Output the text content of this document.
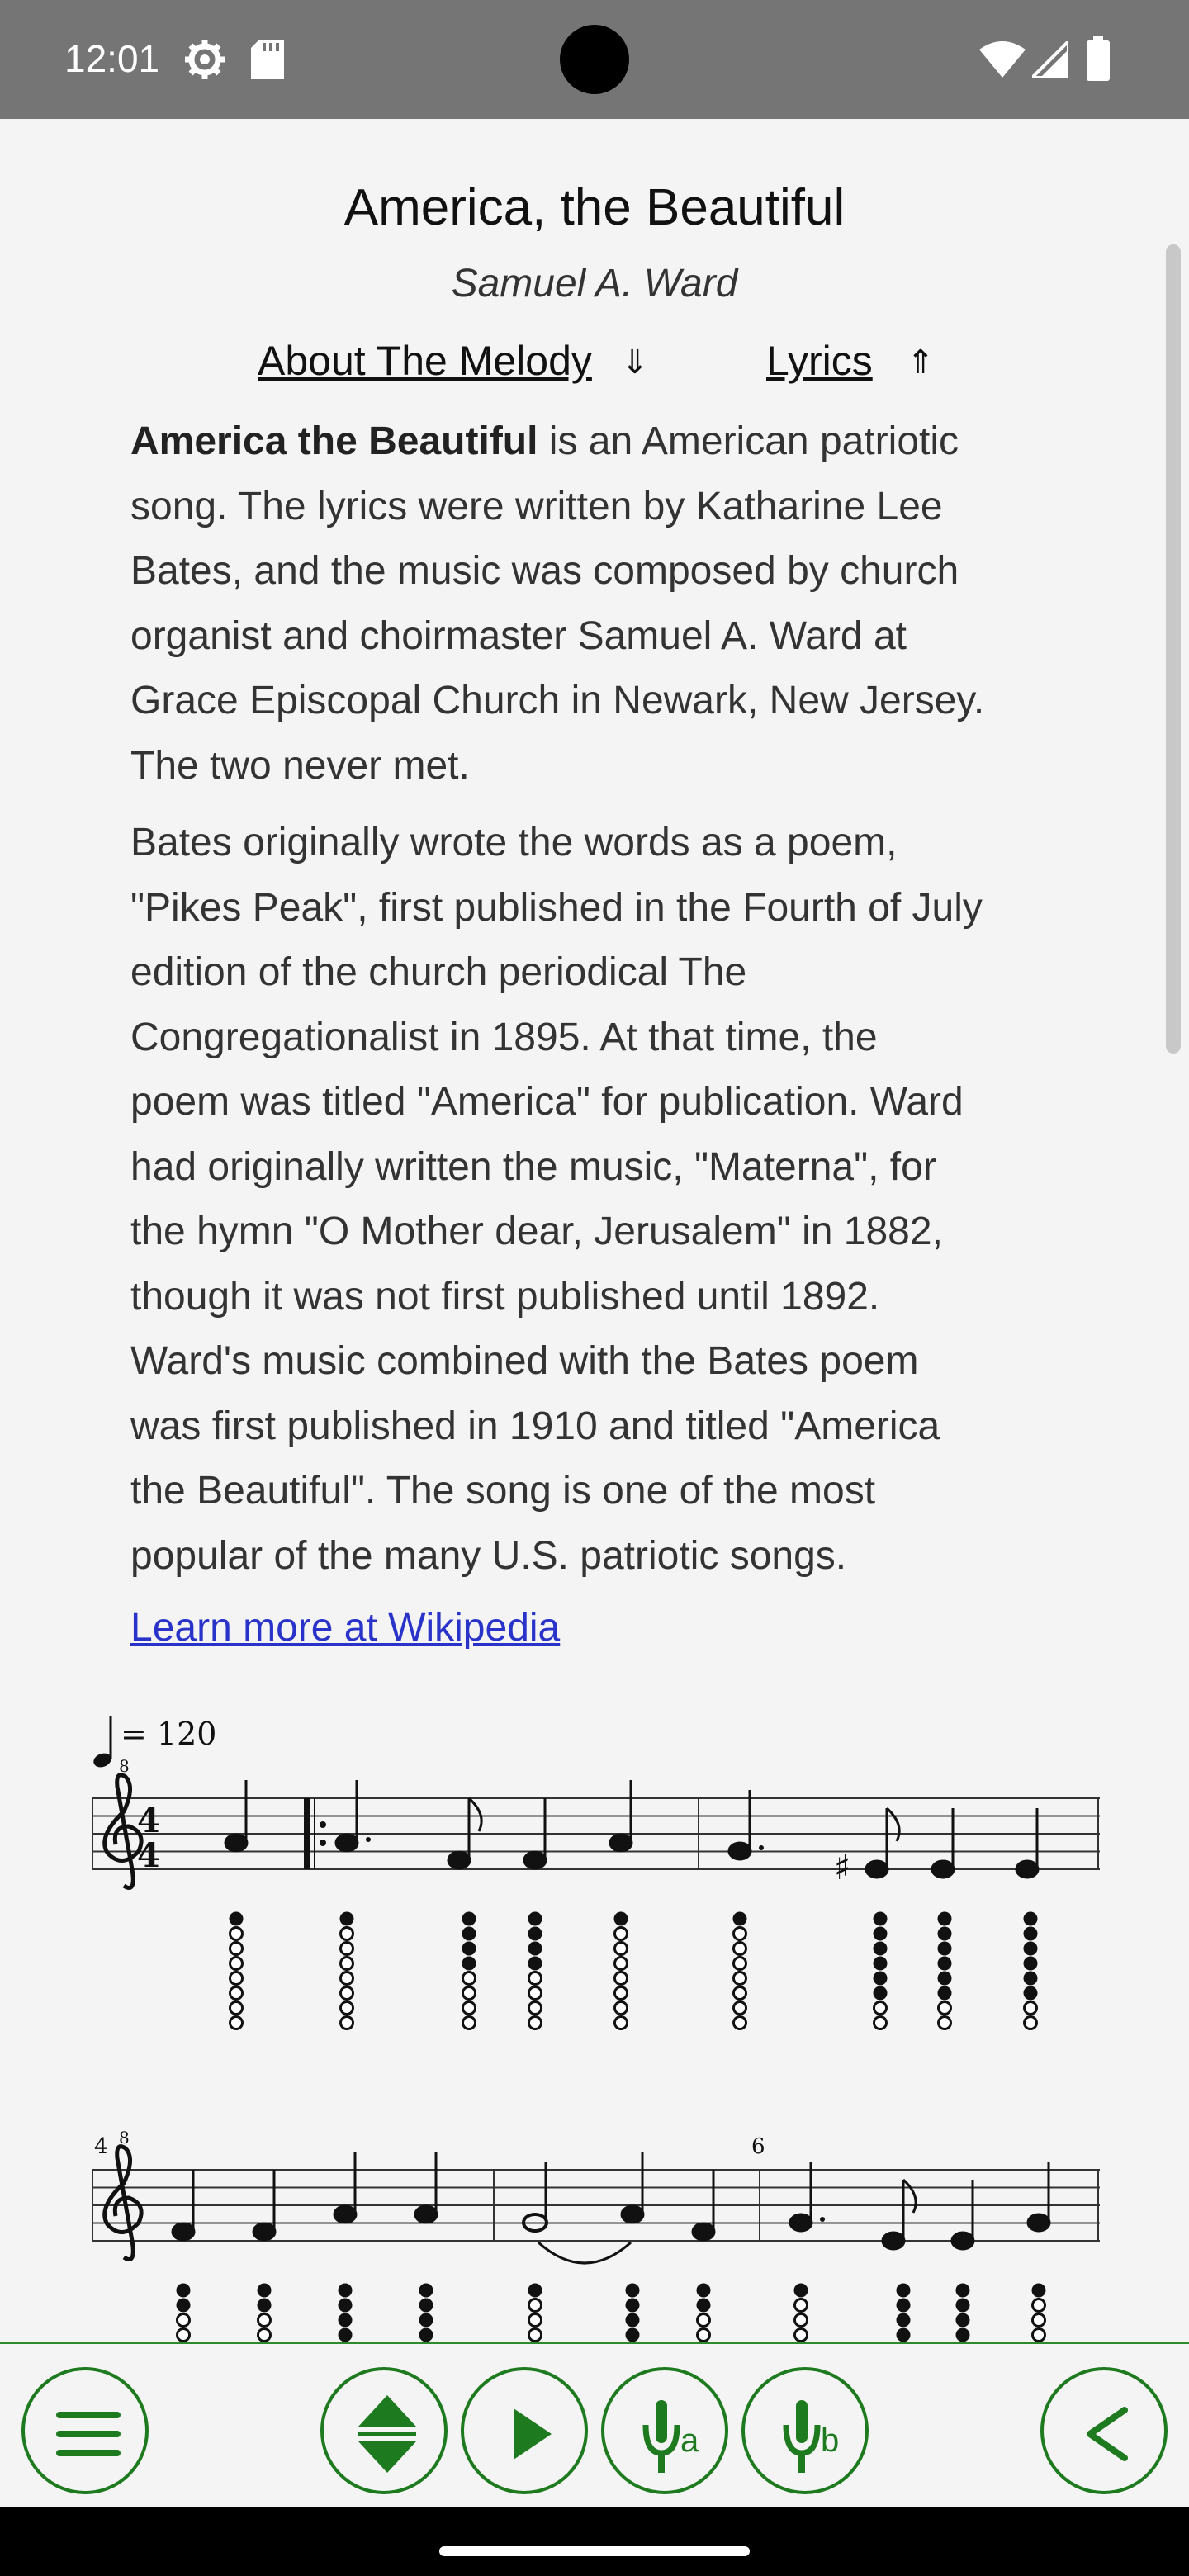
12:01
America, the Beautiful
Samuel A. Ward
About The Melody ⇓	Lyrics ⇑
America the Beautiful is an American patriotic
song. The lyrics were written by Katharine Lee
Bates, and the music was composed by church
organist and choirmaster Samuel A. Ward at
Grace Episcopal Church in Newark, New Jersey.
The two never met.
Bates originally wrote the words as a poem,
"Pikes Peak", first published in the Fourth of July
edition of the church periodical The
Congregationalist in 1895. At that time, the
poem was titled "America" for publication. Ward
had originally written the music, "Materna", for
the hymn "O Mother dear, Jerusalem" in 1882,
though it was not first published until 1892.
Ward's music combined with the Bates poem
was first published in 1910 and titled "America
the Beautiful". The song is one of the most
popular of the many U.S. patriotic songs.
Learn more at Wikipedia
= 120
8
4
4	♯
8
4	6
a	b
